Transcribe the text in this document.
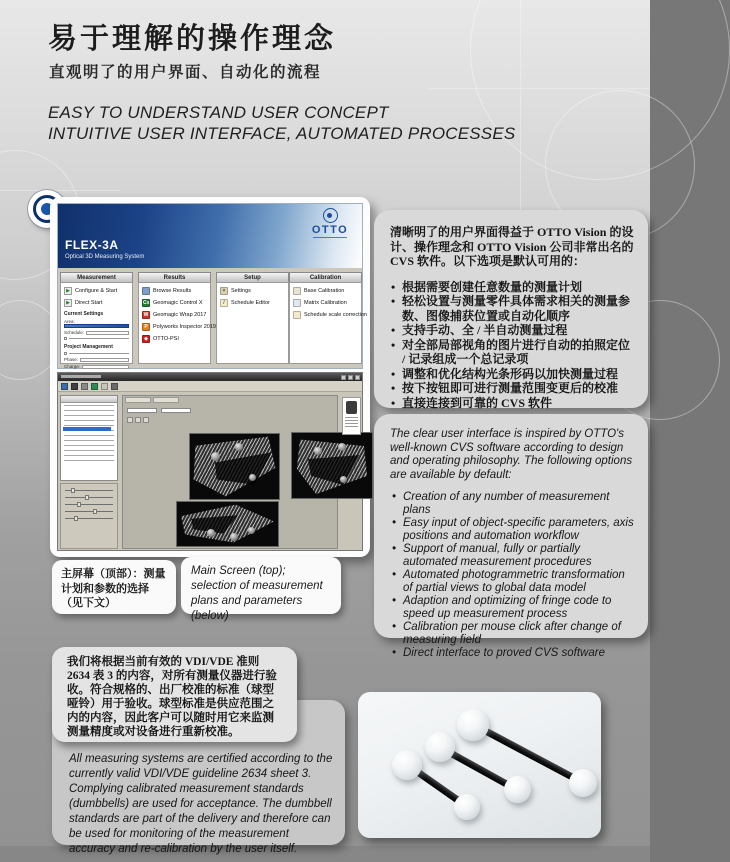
易于理解的操作理念
直观明了的用户界面、自动化的流程
EASY TO UNDERSTAND USER CONCEPT
INTUITIVE USER INTERFACE, AUTOMATED PROCESSES
OTTO
FLEX-3A
Optical 3D Measuring System
Measurement
▶
Configure & Start
▶
Direct Start
Current Settings
Area:
Schedule:
Project Management
Phase:
Charge:
Results
Browse Results
Cx Geomagic Control X
W Geomagic Wrap 2017
P Polyworks Inspector 2019
◆ OTTO-PSI
Setup
×	Settings
/	Schedule Editor
Calibration
Base Calibration
Matrix Calibration
Schedule scale correction
清晰明了的用户界面得益于 OTTO Vision 的设计、操作理念和 OTTO Vision 公司非常出名的 CVS 软件。以下选项是默认可用的：
• 根据需要创建任意数量的测量计划
• 轻松设置与测量零件具体需求相关的测量参数、图像捕获位置或自动化顺序
• 支持手动、全 / 半自动测量过程
• 对全部局部视角的图片进行自动的拍照定位 / 记录组成一个总记录项
• 调整和优化结构光条形码以加快测量过程
• 按下按钮即可进行测量范围变更后的校准
• 直接连接到可靠的 CVS 软件
The clear user interface is inspired by OTTO's well-known CVS software according to design and operating philosophy. The following options are available by default:
• Creation of any number of measurement plans
• Easy input of object-specific parameters, axis positions and automation workflow
• Support of manual, fully or partially automated measurement procedures
• Automated photogrammetric transformation of partial views to global data model
• Adaption and optimizing of fringe code to speed up measurement process
• Calibration per mouse click after change of measuring field
• Direct interface to proved CVS software
主屏幕（顶部）：测量计划和参数的选择（见下文）
Main Screen (top); selection of measurement plans and parameters (below)
All measuring systems are certified according to the currently valid VDI/VDE guideline 2634 sheet 3. Complying calibrated measurement standards (dumbbells) are used for acceptance. The dumbbell standards are part of the delivery and therefore can be used for monitoring of the measurement accuracy and re-calibration by the user itself.
我们将根据当前有效的 VDI/VDE 准则 2634 表 3 的内容，对所有测量仪器进行验收。符合规格的、出厂校准的标准（球型哑铃）用于验收。球型标准是供应范围之内的内容，因此客户可以随时用它来监测测量精度或对设备进行重新校准。
